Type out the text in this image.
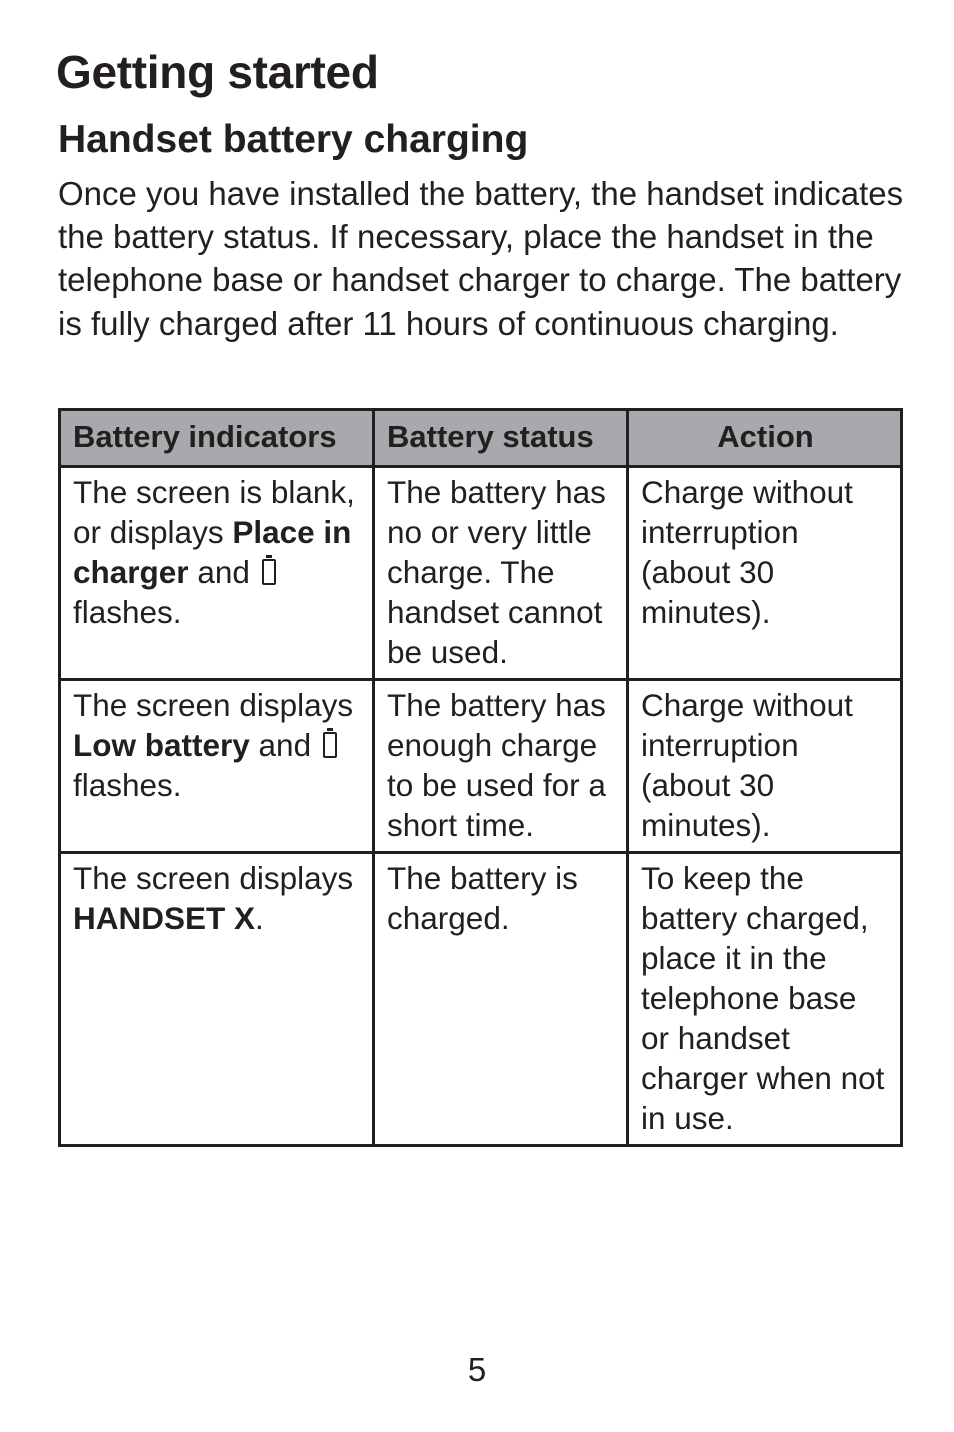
Getting started
Handset battery charging

Once you have installed the battery, the handset indicates the battery status. If necessary, place the handset in the telephone base or handset charger to charge. The battery is fully charged after 11 hours of continuous charging.

Battery indicators	Battery status	Action
The screen is blank, or displays Place in charger and  flashes.	The battery has no or very little charge. The handset cannot be used.	Charge without interruption (about 30 minutes).
The screen displays Low battery and  flashes.	The battery has enough charge to be used for a short time.	Charge without interruption (about 30 minutes).
The screen displays HANDSET X.	The battery is charged.	To keep the battery charged, place it in the telephone base or handset charger when not in use.

5
